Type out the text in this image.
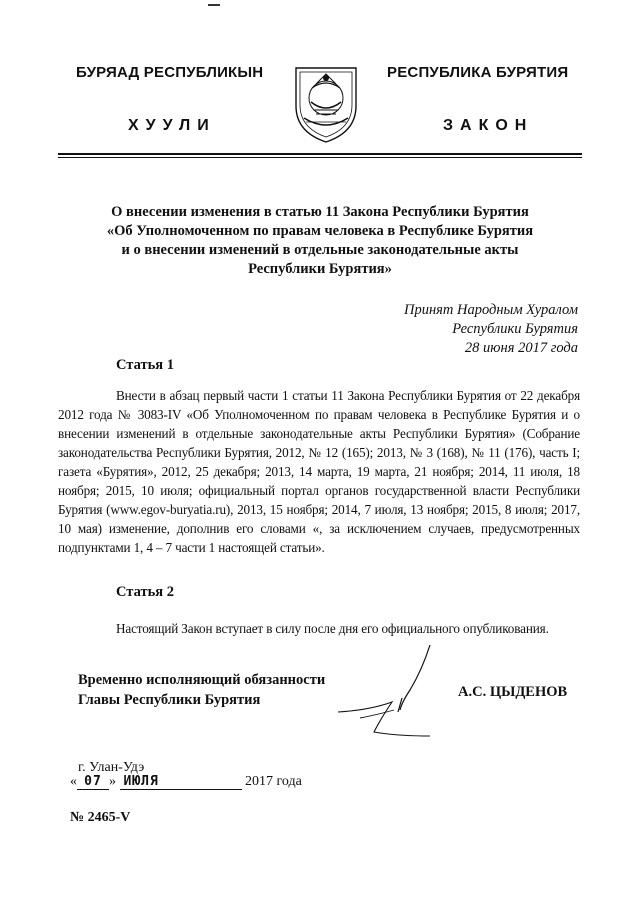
БУРЯАД РЕСПУБЛИКЫН
ХУУЛИ
РЕСПУБЛИКА БУРЯТИЯ
ЗАКОН
О внесении изменения в статью 11 Закона Республики Бурятия
«Об Уполномоченном по правам человека в Республике Бурятия
и о внесении изменений в отдельные законодательные акты
Республики Бурятия»
Принят Народным Хуралом
Республики Бурятия
28 июня 2017 года
Статья 1
Внести в абзац первый части 1 статьи 11 Закона Республики Бурятия от 22 декабря 2012 года № 3083-IV «Об Уполномоченном по правам человека в Республике Бурятия и о внесении изменений в отдельные законодательные акты Республики Бурятия» (Собрание законодательства Республики Бурятия, 2012, № 12 (165); 2013, № 3 (168), № 11 (176), часть I; газета «Бурятия», 2012, 25 декабря; 2013, 14 марта, 19 марта, 21 ноября; 2014, 11 июля, 18 ноября; 2015, 10 июля; официальный портал органов государственной власти Республики Бурятия (www.egov-buryatia.ru), 2013, 15 ноября; 2014, 7 июля, 13 ноября; 2015, 8 июля; 2017, 10 мая) изменение, дополнив его словами «, за исключением случаев, предусмотренных подпунктами 1, 4 – 7 части 1 настоящей статьи».
Статья 2
Настоящий Закон вступает в силу после дня его официального опубликования.
Временно исполняющий обязанности
Главы Республики Бурятия	А.С. ЦЫДЕНОВ
г. Улан-Удэ
« 07 » ИЮЛЯ	2017 года
№ 2465-V
